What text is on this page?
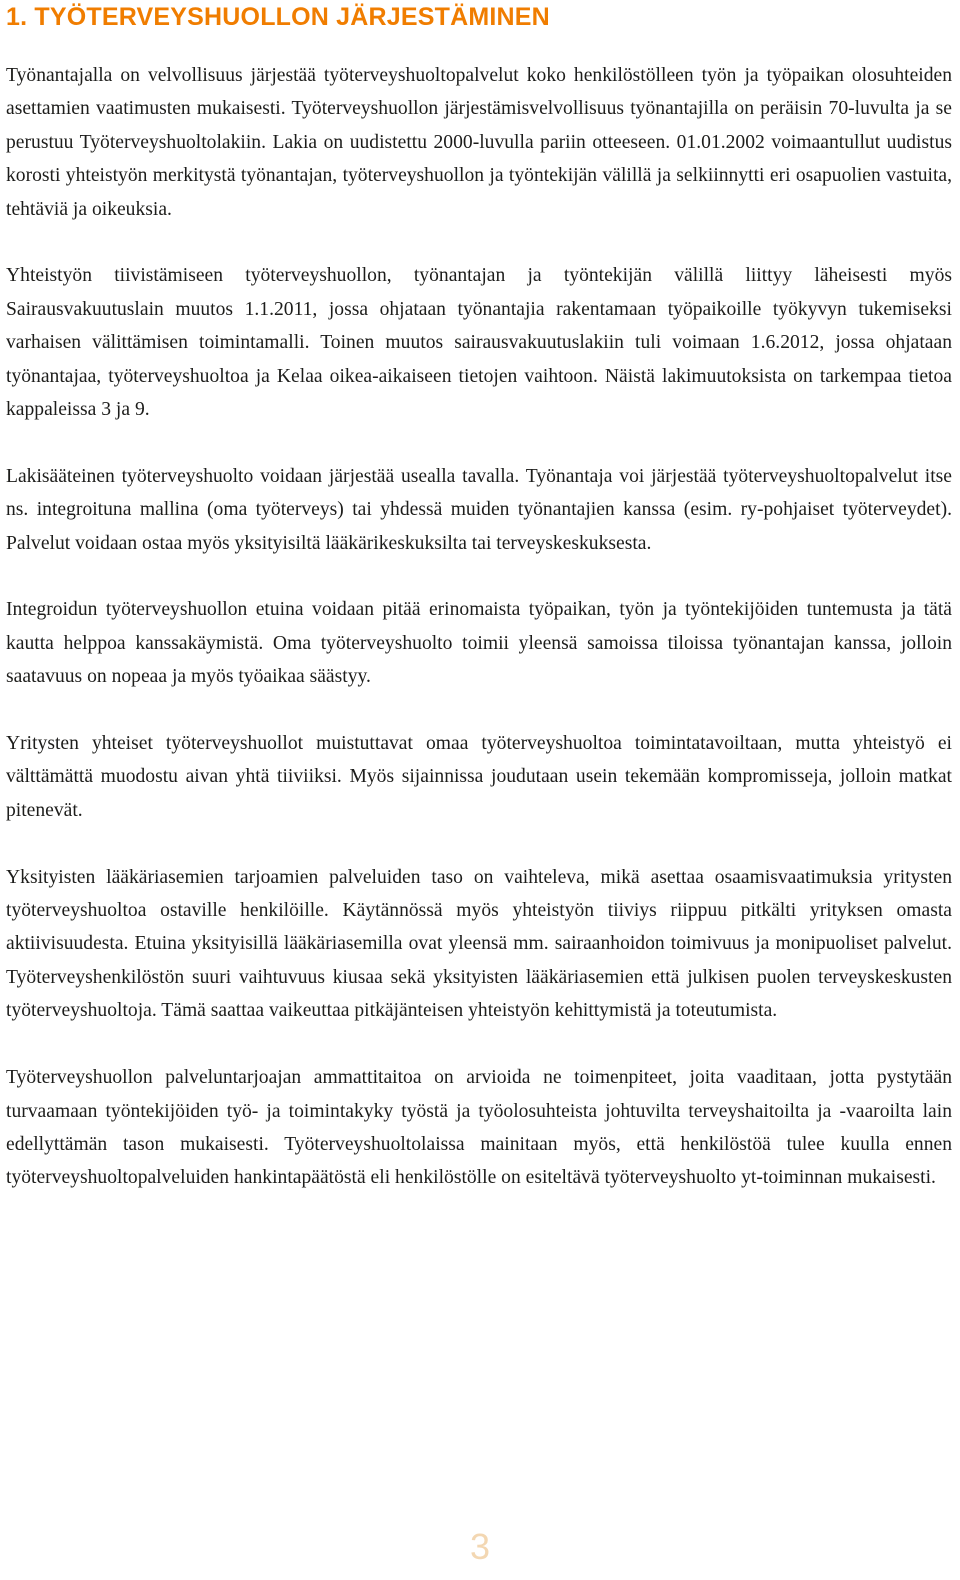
1. TYÖTERVEYSHUOLLON JÄRJESTÄMINEN

Työnantajalla on velvollisuus järjestää työterveyshuoltopalvelut koko henkilöstölleen työn ja työpaikan olosuhteiden asettamien vaatimusten mukaisesti. Työterveyshuollon järjestämisvelvollisuus työnantajilla on peräisin 70-luvulta ja se perustuu Työterveyshuoltolakiin. Lakia on uudistettu 2000-luvulla pariin otteeseen. 01.01.2002 voimaantullut uudistus korosti yhteistyön merkitystä työnantajan, työterveyshuollon ja työntekijän välillä ja selkiinnytti eri osapuolien vastuita, tehtäviä ja oikeuksia.

Yhteistyön tiivistämiseen työterveyshuollon, työnantajan ja työntekijän välillä liittyy läheisesti myös Sairausvakuutuslain muutos 1.1.2011, jossa ohjataan työnantajia rakentamaan työpaikoille työkyvyn tukemiseksi varhaisen välittämisen toimintamalli. Toinen muutos sairausvakuutuslakiin tuli voimaan 1.6.2012, jossa ohjataan työnantajaa, työterveyshuoltoa ja Kelaa oikea-aikaiseen tietojen vaihtoon. Näistä lakimuutoksista on tarkempaa tietoa kappaleissa 3 ja 9.

Lakisääteinen työterveyshuolto voidaan järjestää usealla tavalla. Työnantaja voi järjestää työterveyshuoltopalvelut itse ns. integroituna mallina (oma työterveys) tai yhdessä muiden työnantajien kanssa (esim. ry-pohjaiset työterveydet). Palvelut voidaan ostaa myös yksityisiltä lääkärikeskuksilta tai terveyskeskuksesta.

Integroidun työterveyshuollon etuina voidaan pitää erinomaista työpaikan, työn ja työntekijöiden tuntemusta ja tätä kautta helppoa kanssakäymistä. Oma työterveyshuolto toimii yleensä samoissa tiloissa työnantajan kanssa, jolloin saatavuus on nopeaa ja myös työaikaa säästyy.

Yritysten yhteiset työterveyshuollot muistuttavat omaa työterveyshuoltoa toimintatavoiltaan, mutta yhteistyö ei välttämättä muodostu aivan yhtä tiiviiksi. Myös sijainnissa joudutaan usein tekemään kompromisseja, jolloin matkat pitenevät.

Yksityisten lääkäriasemien tarjoamien palveluiden taso on vaihteleva, mikä asettaa osaamisvaatimuksia yritysten työterveyshuoltoa ostaville henkilöille. Käytännössä myös yhteistyön tiiviys riippuu pitkälti yrityksen omasta aktiivisuudesta. Etuina yksityisillä lääkäriasemilla ovat yleensä mm. sairaanhoidon toimivuus ja monipuoliset palvelut. Työterveyshenkilöstön suuri vaihtuvuus kiusaa sekä yksityisten lääkäriasemien että julkisen puolen terveyskeskusten työterveyshuoltoja. Tämä saattaa vaikeuttaa pitkäjänteisen yhteistyön kehittymistä ja toteutumista.

Työterveyshuollon palveluntarjoajan ammattitaitoa on arvioida ne toimenpiteet, joita vaaditaan, jotta pystytään turvaamaan työntekijöiden työ- ja toimintakyky työstä ja työolosuhteista johtuvilta terveyshaitoilta ja -vaaroilta lain edellyttämän tason mukaisesti. Työterveyshuoltolaissa mainitaan myös, että henkilöstöä tulee kuulla ennen työterveyshuoltopalveluiden hankintapäätöstä eli henkilöstölle on esiteltävä työterveyshuolto yt-toiminnan mukaisesti.

3
